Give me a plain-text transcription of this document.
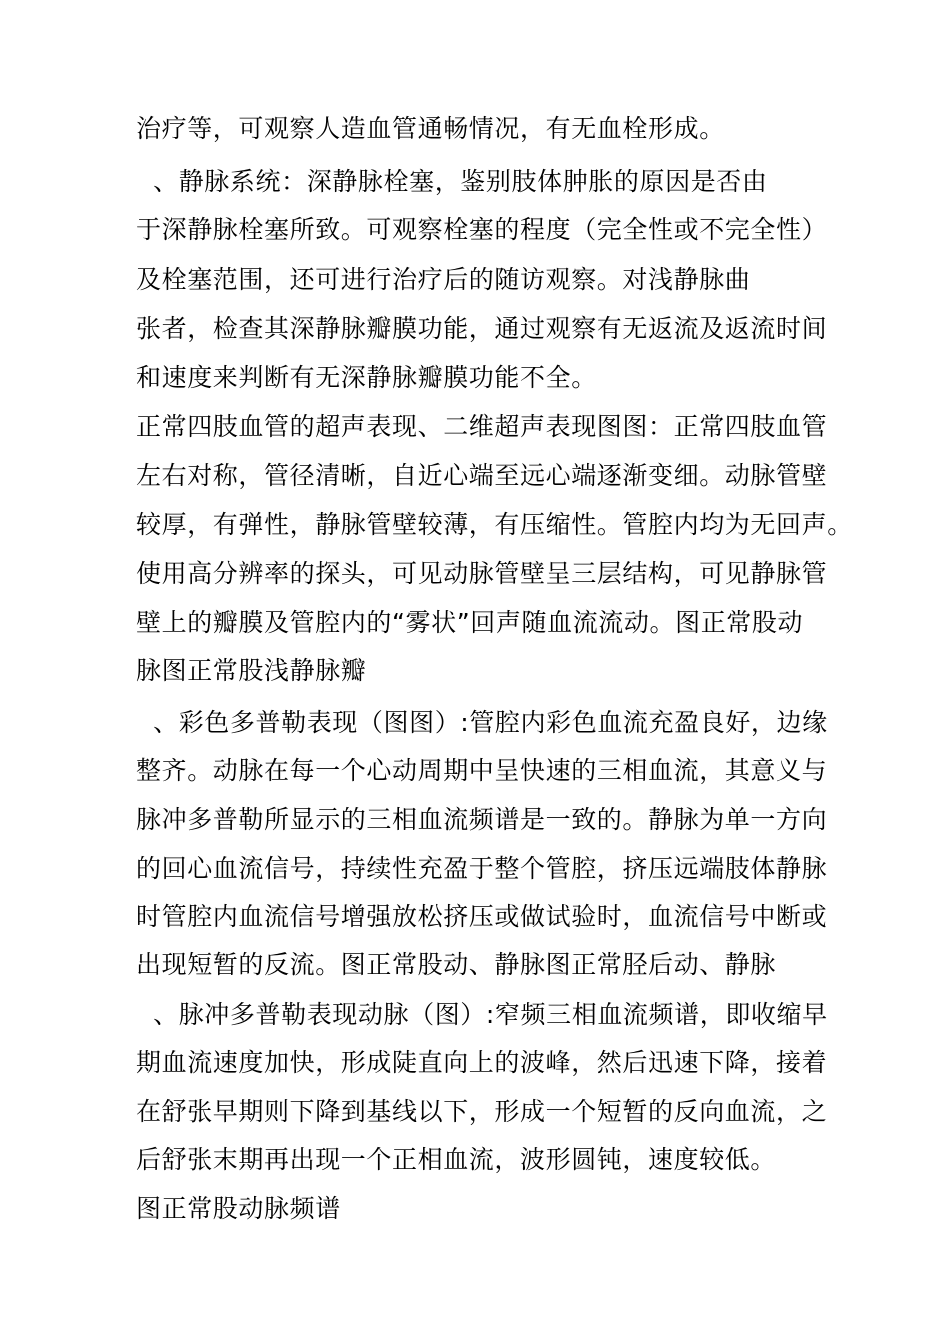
治疗等，可观察人造血管通畅情况，有无血栓形成。
、静脉系统：深静脉栓塞，鉴别肢体肿胀的原因是否由
于深静脉栓塞所致。可观察栓塞的程度（完全性或不完全性）
及栓塞范围，还可进行治疗后的随访观察。对浅静脉曲
张者，检查其深静脉瓣膜功能，通过观察有无返流及返流时间
和速度来判断有无深静脉瓣膜功能不全。
正常四肢血管的超声表现、二维超声表现图图：正常四肢血管
左右对称，管径清晰，自近心端至远心端逐渐变细。动脉管壁
较厚，有弹性，静脉管壁较薄，有压缩性。管腔内均为无回声。
使用高分辨率的探头，可见动脉管壁呈三层结构，可见静脉管
壁上的瓣膜及管腔内的“雾状”回声随血流流动。图正常股动
脉图正常股浅静脉瓣
、彩色多普勒表现（图图）:管腔内彩色血流充盈良好，边缘
整齐。动脉在每一个心动周期中呈快速的三相血流，其意义与
脉冲多普勒所显示的三相血流频谱是一致的。静脉为单一方向
的回心血流信号，持续性充盈于整个管腔，挤压远端肢体静脉
时管腔内血流信号增强放松挤压或做试验时，血流信号中断或
出现短暂的反流。图正常股动、静脉图正常胫后动、静脉
、脉冲多普勒表现动脉（图）:窄频三相血流频谱，即收缩早
期血流速度加快，形成陡直向上的波峰，然后迅速下降，接着
在舒张早期则下降到基线以下，形成一个短暂的反向血流，之
后舒张末期再出现一个正相血流，波形圆钝，速度较低。
图正常股动脉频谱
